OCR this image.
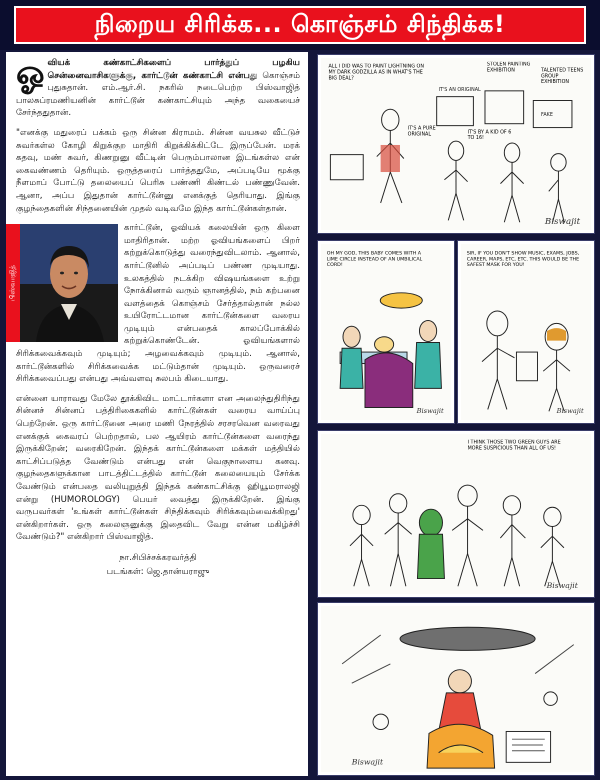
நிறைய சிரிக்க... கொஞ்சம் சிந்திக்க!

ஓ வியக் கண்காட்சிகளைப் பார்த்துப் பழகிய சென்னைவாசிகளுக்கு, கார்ட்டூன் கண்காட்சி என்பது கொஞ்சம் புதுசுதான். எம்.ஆர்.சி. நகரில் நடைபெற்ற பிஸ்வாஜித் பாலசுப்ரமணியனின் கார்ட்டூன் கண்காட்சியும் அந்த வகையைச் சேர்ந்ததுதான்.

"எனக்கு மதுரைப் பக்கம் ஒரு சின்ன கிராமம். சின்ன வயசுல வீட்டுச் சுவர்கள்ல கோழி கிறுக்குற மாதிரி கிறுக்கிக்கிட்டே இருப்பேன். மரக் கதவு, மண் சுவர், கிணறுனு வீட்டின் பெரும்பாலான இடங்கள்ல என் கைவண்ணம் தெரியும். ஒருத்தரைப் பார்த்ததுமே, அப்படியே மூக்கு நீளமாப் போட்டு தலையைப் பெரிசு பண்ணி கிண்டல் பண்ணுவேன். ஆனா, அப்ப இதுதான் கார்ட்டூன்னு எனக்குத் தெரியாது. இங்கு குழந்தைகளின் சிந்தனையின் முதல் வடிவமே இந்த கார்ட்டூன்கள்தான்.

பிஸ்வாஜித்

கார்ட்டூன், ஓவியக் கலையின் ஒரு கிளை மாதிரிதான். மற்ற ஓவியங்களைப் பிறர் கற்றுக்கொடுத்து வரைந்துவிடலாம். ஆனால், கார்ட்டூனில் அப்படிப் பண்ண முடியாது. உலகத்தில் நடக்கிற விஷயங்களை உற்று நோக்கினால் வரும் ஞானத்தில், நம் கற்பனை வளத்தைக் கொஞ்சம் சேர்த்தால்தான் நல்ல உயிரோட்டமான கார்ட்டூன்களை வரைய முடியும் என்பதைக் காலப்போக்கில் கற்றுக்கொண்டேன். ஓவியங்களால் சிரிக்கவைக்கவும் முடியும்; அழவைக்கவும் முடியும். ஆனால், கார்ட்டூன்களில் சிரிக்கவைக்க மட்டும்தான் முடியும். ஒருவரைச் சிரிக்கவைப்பது என்பது அவ்வளவு சுலபம் கிடையாது.

என்னை யாராவது மேலே தூக்கிவிட மாட்டார்களா என அலைந்துதிரிந்து சின்னச் சின்னப் பத்திரிகைகளில் கார்ட்டூன்கள் வரைய வாய்ப்பு பெற்றேன். ஒரு கார்ட்டூனை அரை மணி நேரத்தில் சரசரவென வரைவது எனக்குக் கைவரப் பெற்றதால், பல ஆயிரம் கார்ட்டூன்களை வரைந்து இருக்கிறேன்; வரைகிறேன். இந்தக் கார்ட்டூன்களை மக்கள் மத்தியில் காட்சிப்படுத்த வேண்டும் என்பது என் வெகுநாளைய கனவு. குழந்தைகளுக்கான பாடத்திட்டத்தில் கார்ட்டூன் கலையையும் சேர்க்க வேண்டும் என்பதை வலியுறுத்தி இந்தக் கண்காட்சிக்கு ஹியூமராலஜி என்று (HUMOROLOGY) பெயர் வைத்து இருக்கிறேன். இங்கு வருபவர்கள் 'உங்கள் கார்ட்டூன்கள் சிந்திக்கவும் சிரிக்கவும்வைக்கிறது' என்கிறார்கள். ஒரு கலைஞனுக்கு இதைவிட வேறு என்ன மகிழ்ச்சி வேண்டும்?" என்கிறார் பிஸ்வாஜித்.

நா.சிபிச்சக்கரவர்த்தி
படங்கள்: ஜெ.தான்யராஜு
ALL I DID WAS TO PAINT LIGHTNING ON MY DARK GODZILLA AS IN WHAT'S THE BIG DEAL?
IT'S AN ORIGINAL
STOLEN PAINTING EXHIBITION	TALENTED TEENS GROUP EXHIBITION
IT'S A PURE ORIGINAL	IT'S BY A KID OF 6 TO 16!
FAKE
Biswajit
OH MY GOD, THIS BABY COMES WITH A LIME CIRCLE INSTEAD OF AN UMBILICAL CORD!
Biswajit
SIR, IF YOU DON'T SHOW MUSIC, EXAMS, JOBS, CAREER, MAPS, ETC, ETC. THIS WOULD BE THE SAFEST MASK FOR YOU!
Biswajit
I THINK THOSE TWO GREEN GUYS ARE MORE SUSPICIOUS THAN ALL OF US!
Biswajit
Biswajit
